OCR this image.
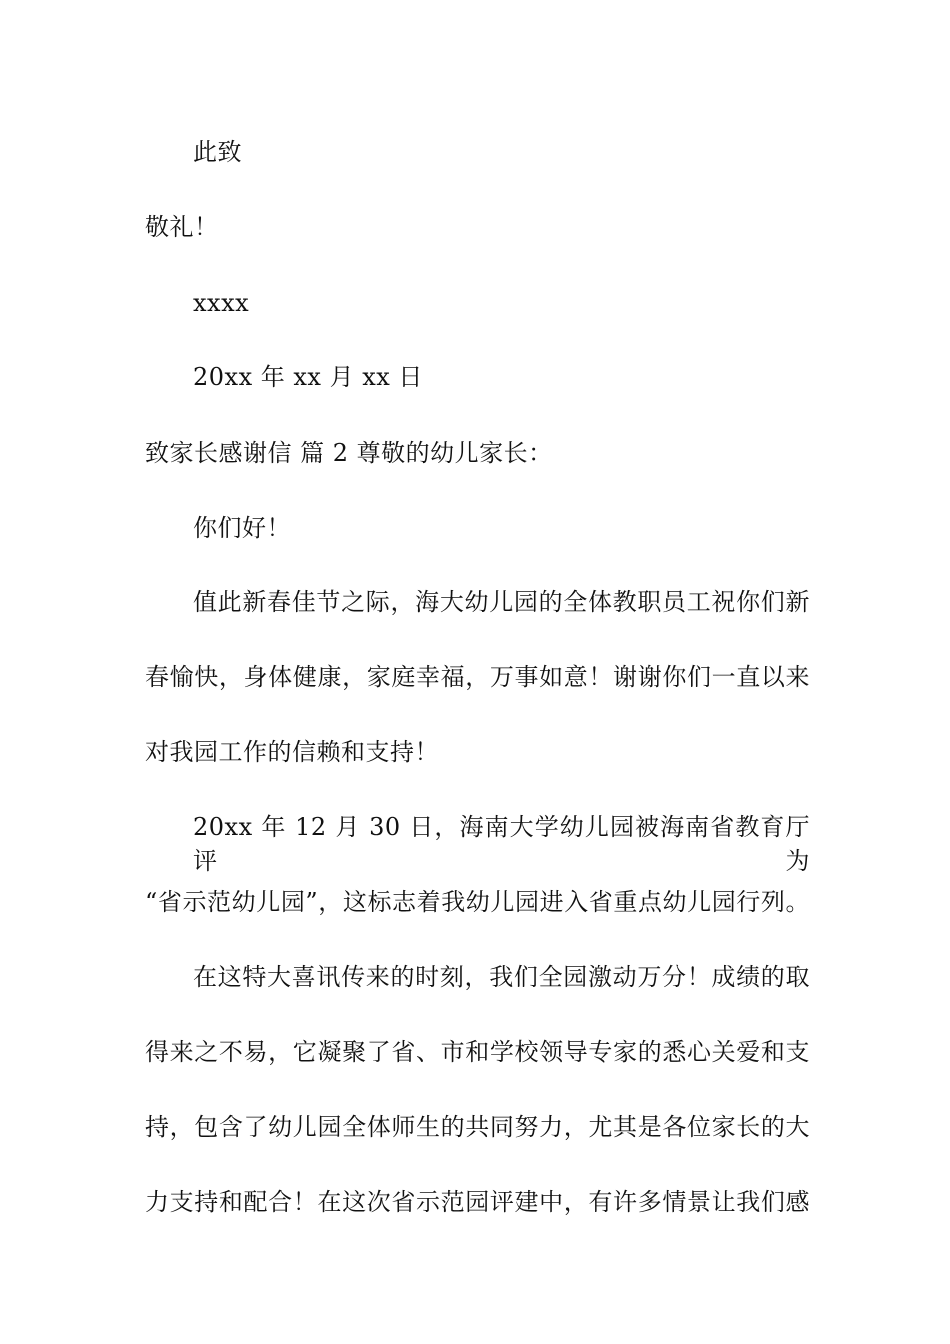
此致
敬礼！
xxxx
20xx 年 xx 月 xx 日
致家长感谢信 篇 2 尊敬的幼儿家长：
你们好！
值此新春佳节之际，海大幼儿园的全体教职员工祝你们新
春愉快，身体健康，家庭幸福，万事如意！谢谢你们一直以来
对我园工作的信赖和支持！
20xx 年 12 月 30 日，海南大学幼儿园被海南省教育厅评为
“省示范幼儿园”，这标志着我幼儿园进入省重点幼儿园行列。
在这特大喜讯传来的时刻，我们全园激动万分！成绩的取
得来之不易，它凝聚了省、市和学校领导专家的悉心关爱和支
持，包含了幼儿园全体师生的共同努力，尤其是各位家长的大
力支持和配合！在这次省示范园评建中，有许多情景让我们感
